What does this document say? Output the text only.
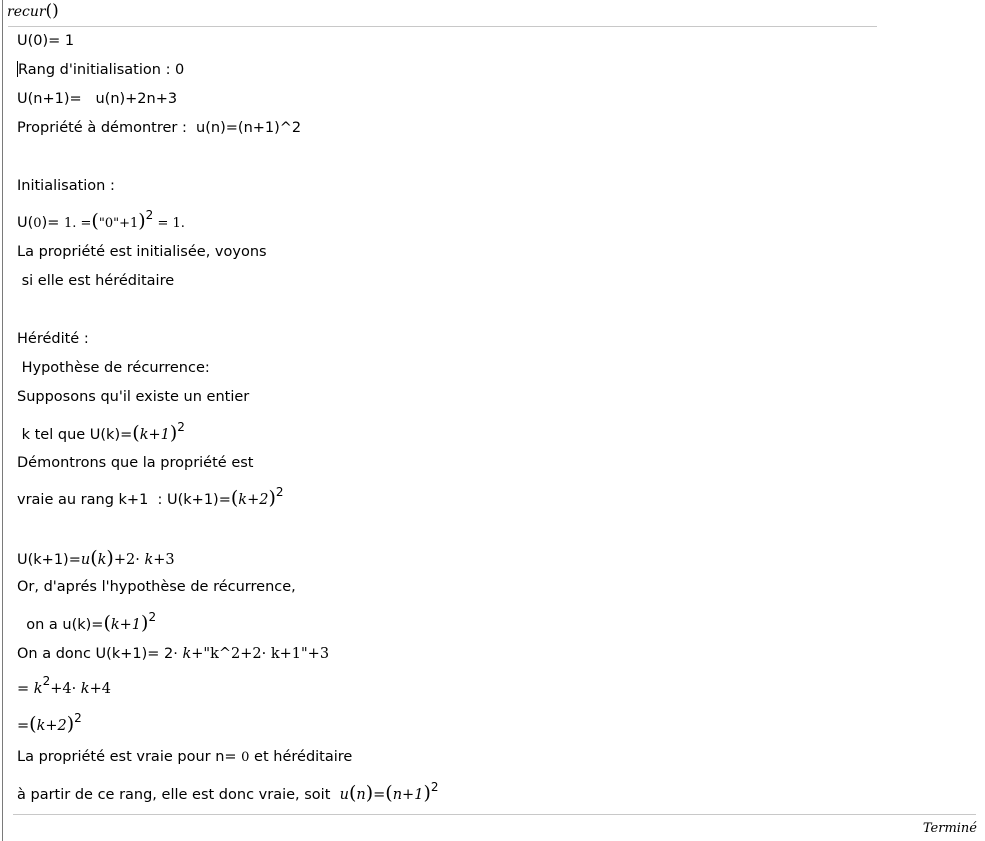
recur()
U(0)= 1
Rang d'initialisation : 0
U(n+1)=   u(n)+2n+3
Propriété à démontrer :  u(n)=(n+1)^2
Initialisation :
U(0)= 1. =("0"+1)$^2$ = 1.
La propriété est initialisée, voyons
si elle est héréditaire
Hérédité :
Hypothèse de récurrence:
Supposons qu'il existe un entier
k tel que $U(k)=(k+1)^2$
Démontrons que la propriété est
vraie au rang k+1  : $U(k+1)=(k+2)^2$
U(k+1)=u(k)+2· k+3
Or, d'aprés l'hypothèse de récurrence,
on a $u(k)=(k+1)^2$
On a donc U(k+1)= 2· k+"k^2+2· k+1"+3
= $k^2+4\cdot k+4$
$=(k+2)^2$
La propriété est vraie pour n= 0 et héréditaire
à partir de ce rang, elle est donc vraie, soit  $u(n)=(n+1)^2$
Terminé
